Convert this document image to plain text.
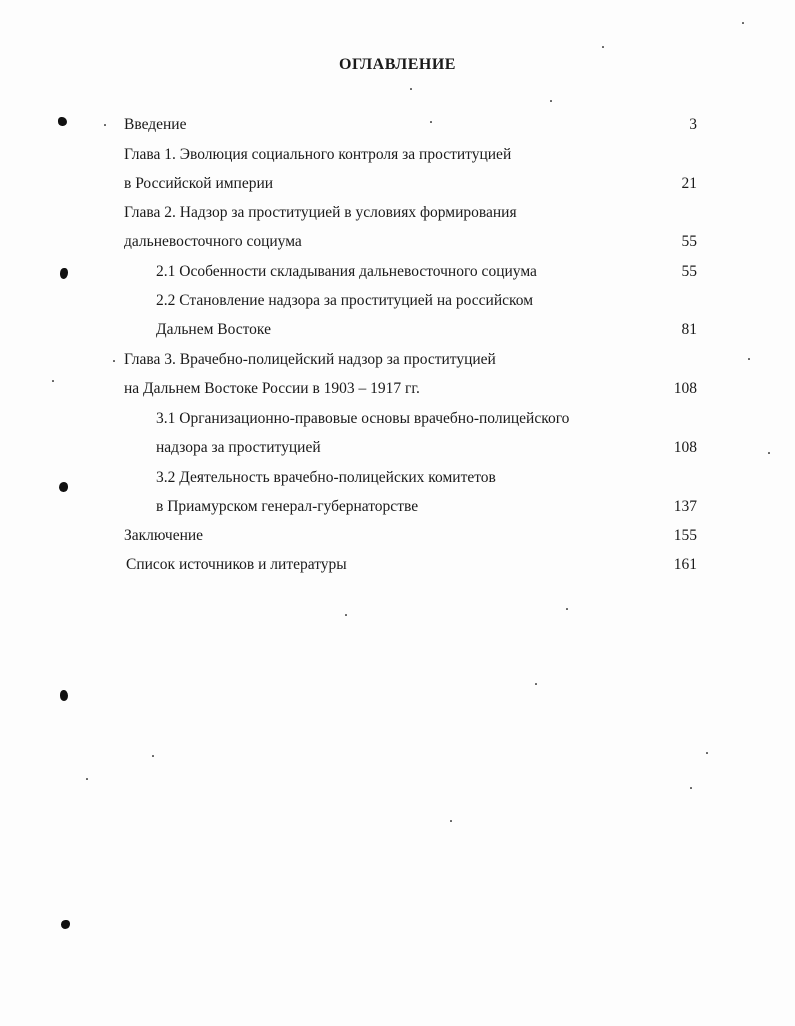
ОГЛАВЛЕНИЕ
Введение	3
Глава 1. Эволюция социального контроля за проституцией
в Российской империи	21
Глава 2. Надзор за проституцией в условиях формирования
дальневосточного социума	55
2.1 Особенности складывания дальневосточного социума	55
2.2 Становление надзора за проституцией на российском
Дальнем Востоке	81
Глава 3. Врачебно-полицейский надзор за проституцией
на Дальнем Востоке России в 1903 – 1917 гг.	108
3.1 Организационно-правовые основы врачебно-полицейского
надзора за проституцией	108
3.2 Деятельность врачебно-полицейских комитетов
в Приамурском генерал-губернаторстве	137
Заключение	155
Список источников и литературы	161
